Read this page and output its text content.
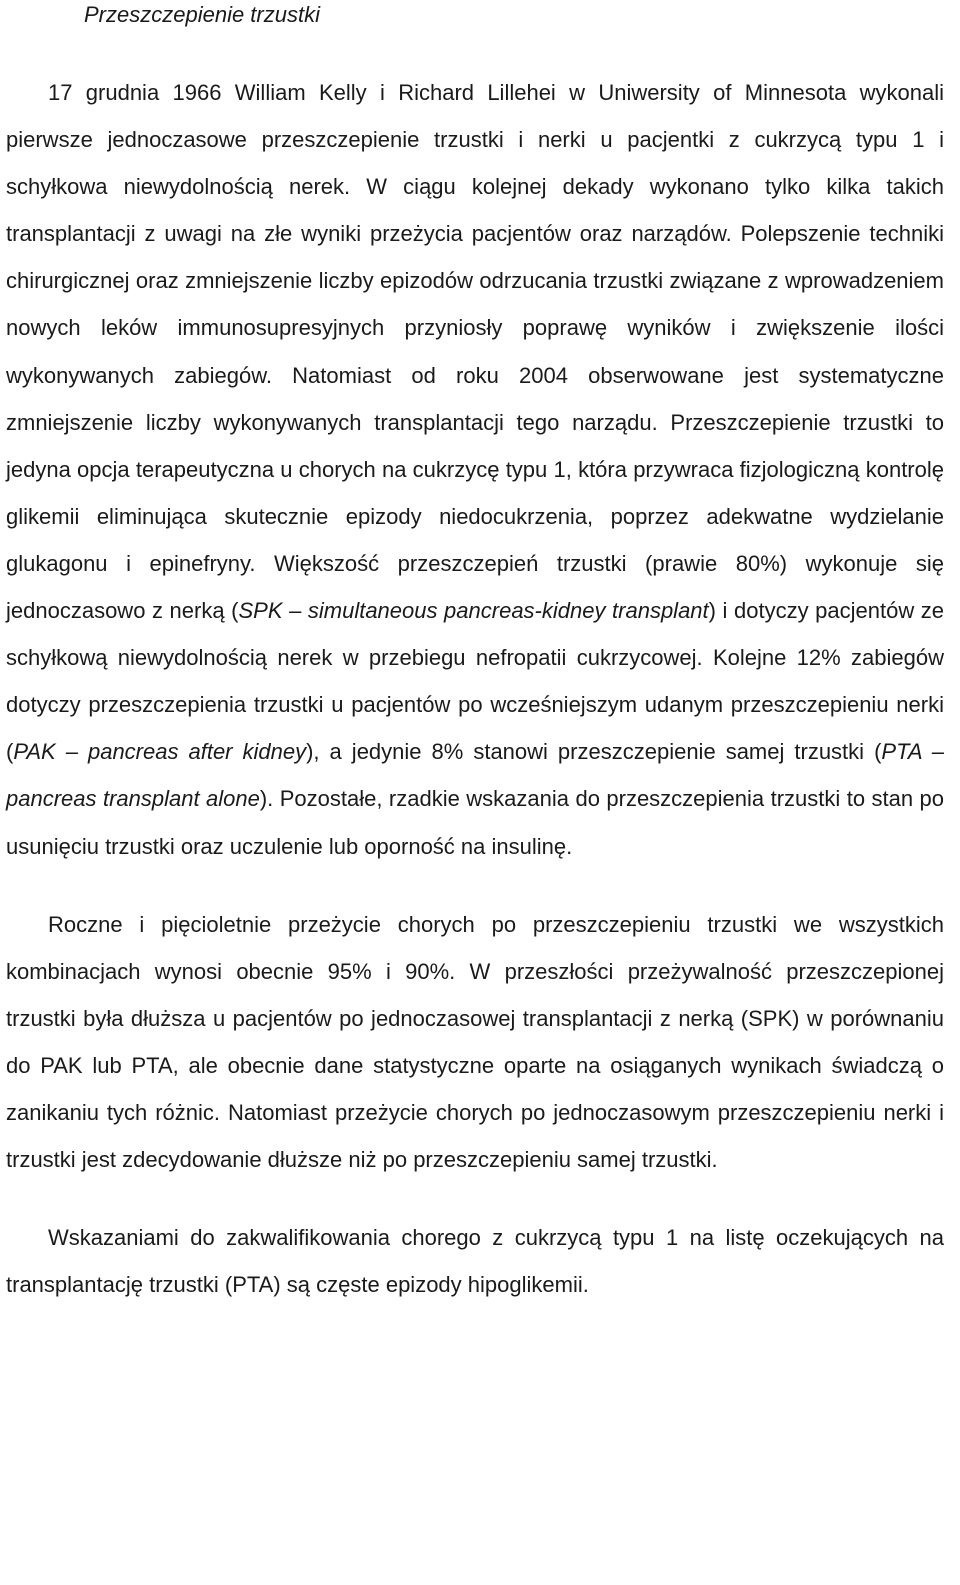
Przeszczepienie trzustki

17 grudnia 1966 William Kelly i Richard Lillehei w Uniwersity of Minnesota wykonali pierwsze jednoczasowe przeszczepienie trzustki i nerki u pacjentki z cukrzycą typu 1 i schyłkowa niewydolnością nerek. W ciągu kolejnej dekady wykonano tylko kilka takich transplantacji z uwagi na złe wyniki przeżycia pacjentów oraz narządów. Polepszenie techniki chirurgicznej oraz zmniejszenie liczby epizodów odrzucania trzustki związane z wprowadzeniem nowych leków immunosupresyjnych przyniosły poprawę wyników i zwiększenie ilości wykonywanych zabiegów. Natomiast od roku 2004 obserwowane jest systematyczne zmniejszenie liczby wykonywanych transplantacji tego narządu. Przeszczepienie trzustki to jedyna opcja terapeutyczna u chorych na cukrzycę typu 1, która przywraca fizjologiczną kontrolę glikemii eliminująca skutecznie epizody niedocukrzenia, poprzez adekwatne wydzielanie glukagonu i epinefryny. Większość przeszczepień trzustki (prawie 80%) wykonuje się jednoczasowo z nerką (SPK – simultaneous pancreas-kidney transplant) i dotyczy pacjentów ze schyłkową niewydolnością nerek w przebiegu nefropatii cukrzycowej. Kolejne 12% zabiegów dotyczy przeszczepienia trzustki u pacjentów po wcześniejszym udanym przeszczepieniu nerki (PAK – pancreas after kidney), a jedynie 8% stanowi przeszczepienie samej trzustki (PTA – pancreas transplant alone). Pozostałe, rzadkie wskazania do przeszczepienia trzustki to stan po usunięciu trzustki oraz uczulenie lub oporność na insulinę.

Roczne i pięcioletnie przeżycie chorych po przeszczepieniu trzustki we wszystkich kombinacjach wynosi obecnie 95% i 90%. W przeszłości przeżywalność przeszczepionej trzustki była dłuższa u pacjentów po jednoczasowej transplantacji z nerką (SPK) w porównaniu do PAK lub PTA, ale obecnie dane statystyczne oparte na osiąganych wynikach świadczą o zanikaniu tych różnic. Natomiast przeżycie chorych po jednoczasowym przeszczepieniu nerki i trzustki jest zdecydowanie dłuższe niż po przeszczepieniu samej trzustki.

Wskazaniami do zakwalifikowania chorego z cukrzycą typu 1 na listę oczekujących na transplantację trzustki (PTA) są częste epizody hipoglikemii.
